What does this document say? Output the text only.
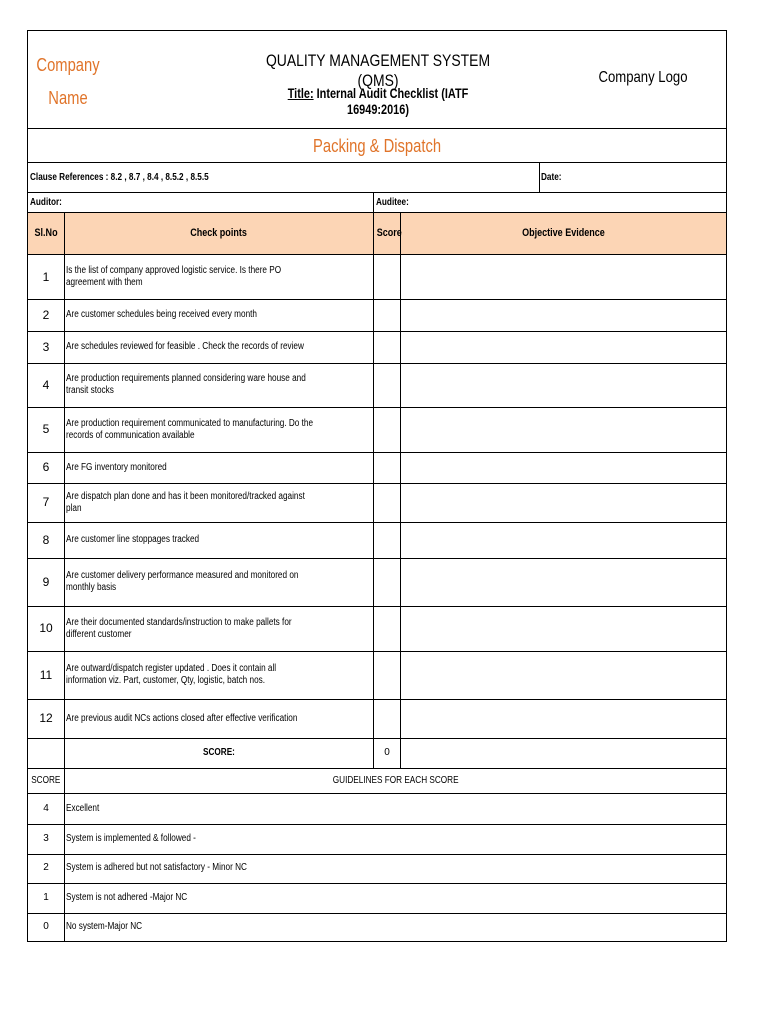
Company
Name
QUALITY MANAGEMENT SYSTEM (QMS)
Title: Internal Audit Checklist (IATF 16949:2016)
Company Logo
Packing & Dispatch
Clause References : 8.2 , 8.7 , 8.4 , 8.5.2 , 8.5.5	Date:
Auditor:	Auditee:
Sl.No	Check points	Score	Objective Evidence
1	Is the list of company approved logistic service. Is there PO agreement with them
2	Are customer schedules being received every month
3	Are schedules reviewed for feasible . Check the records of review
4	Are production requirements planned considering ware house and transit stocks
5	Are production requirement communicated to manufacturing. Do the records of communication available
6	Are FG inventory monitored
7	Are dispatch plan done and has it been monitored/tracked against plan
8	Are customer line stoppages tracked
9	Are customer delivery performance measured and monitored on monthly basis
10	Are their documented standards/instruction to make pallets for different customer
11	Are outward/dispatch register updated . Does it contain all information viz. Part, customer, Qty, logistic, batch nos.
12	Are previous audit NCs actions closed after effective verification
SCORE:	0
SCORE	GUIDELINES FOR EACH SCORE
4	Excellent
3	System is implemented & followed -
2	System is adhered but not satisfactory - Minor NC
1	System is not adhered -Major NC
0	No system-Major NC
